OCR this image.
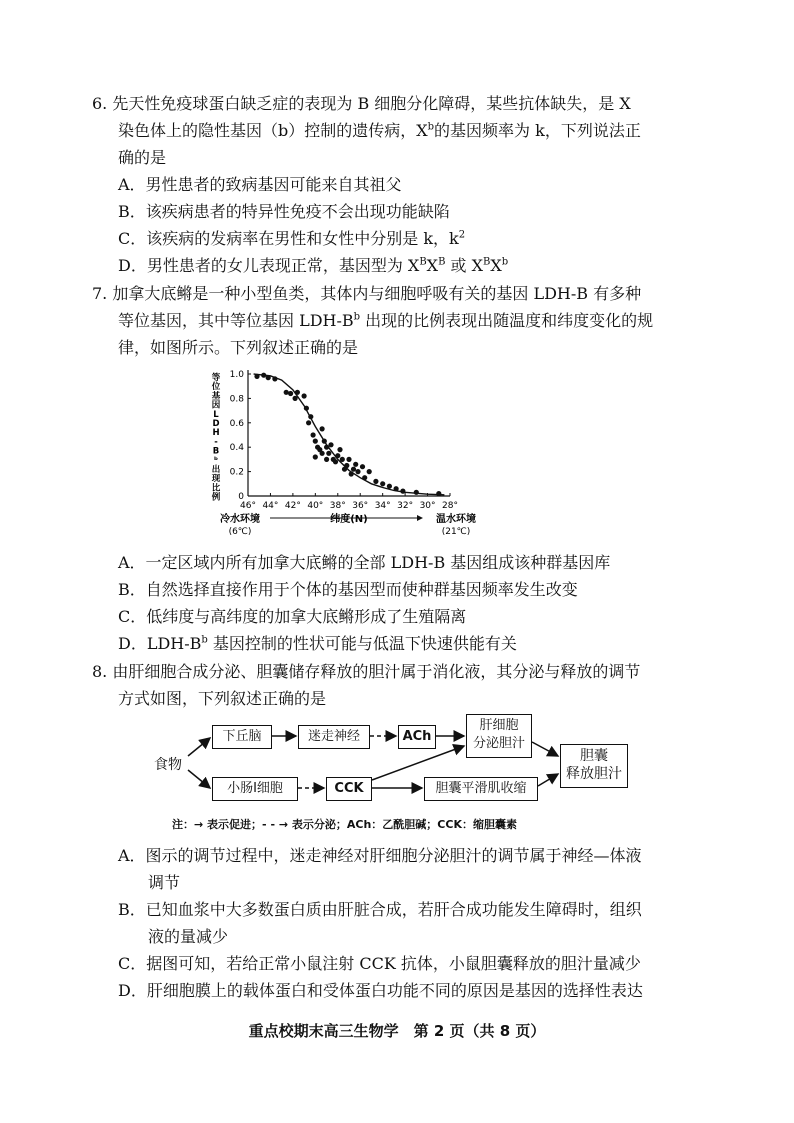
6. 先天性免疫球蛋白缺乏症的表现为 B 细胞分化障碍，某些抗体缺失，是 X
染色体上的隐性基因（b）控制的遗传病，$X^b$的基因频率为 k，下列说法正
确的是
A．男性患者的致病基因可能来自其祖父
B．该疾病患者的特异性免疫不会出现功能缺陷
C．该疾病的发病率在男性和女性中分别是 k，$k^2$
D．男性患者的女儿表现正常，基因型为 $X^BX^B$ 或 $X^BX^b$
7. 加拿大底鳉是一种小型鱼类，其体内与细胞呼吸有关的基因 LDH-B 有多种
等位基因，其中等位基因 LDH-$B^b$ 出现的比例表现出随温度和纬度变化的规
律，如图所示。下列叙述正确的是
46° 44° 42° 40° 38° 36° 34° 32° 30° 28°
0
0.2
0.4
0.6
0.8
1.0
等
位
基
因
L
D
H
-
B
ᵇ
出
现
比
例
纬度(N)
冷水环境
(6℃)
温水环境
(21℃)
A．一定区域内所有加拿大底鳉的全部 LDH-B 基因组成该种群基因库
B．自然选择直接作用于个体的基因型而使种群基因频率发生改变
C．低纬度与高纬度的加拿大底鳉形成了生殖隔离
D．LDH-$B^b$ 基因控制的性状可能与低温下快速供能有关
8. 由肝细胞合成分泌、胆囊储存释放的胆汁属于消化液，其分泌与释放的调节
方式如图，下列叙述正确的是
食物
下丘脑	迷走神经	ACh
肝细胞
分泌胆汁
胆囊
释放胆汁
小肠Ⅰ细胞	CCK	胆囊平滑肌收缩
注：→ 表示促进；- - → 表示分泌；ACh：乙酰胆碱；CCK：缩胆囊素
A．图示的调节过程中，迷走神经对肝细胞分泌胆汁的调节属于神经—体液
调节
B．已知血浆中大多数蛋白质由肝脏合成，若肝合成功能发生障碍时，组织
液的量减少
C．据图可知，若给正常小鼠注射 CCK 抗体，小鼠胆囊释放的胆汁量减少
D．肝细胞膜上的载体蛋白和受体蛋白功能不同的原因是基因的选择性表达
重点校期末高三生物学　第 2 页（共 8 页）
